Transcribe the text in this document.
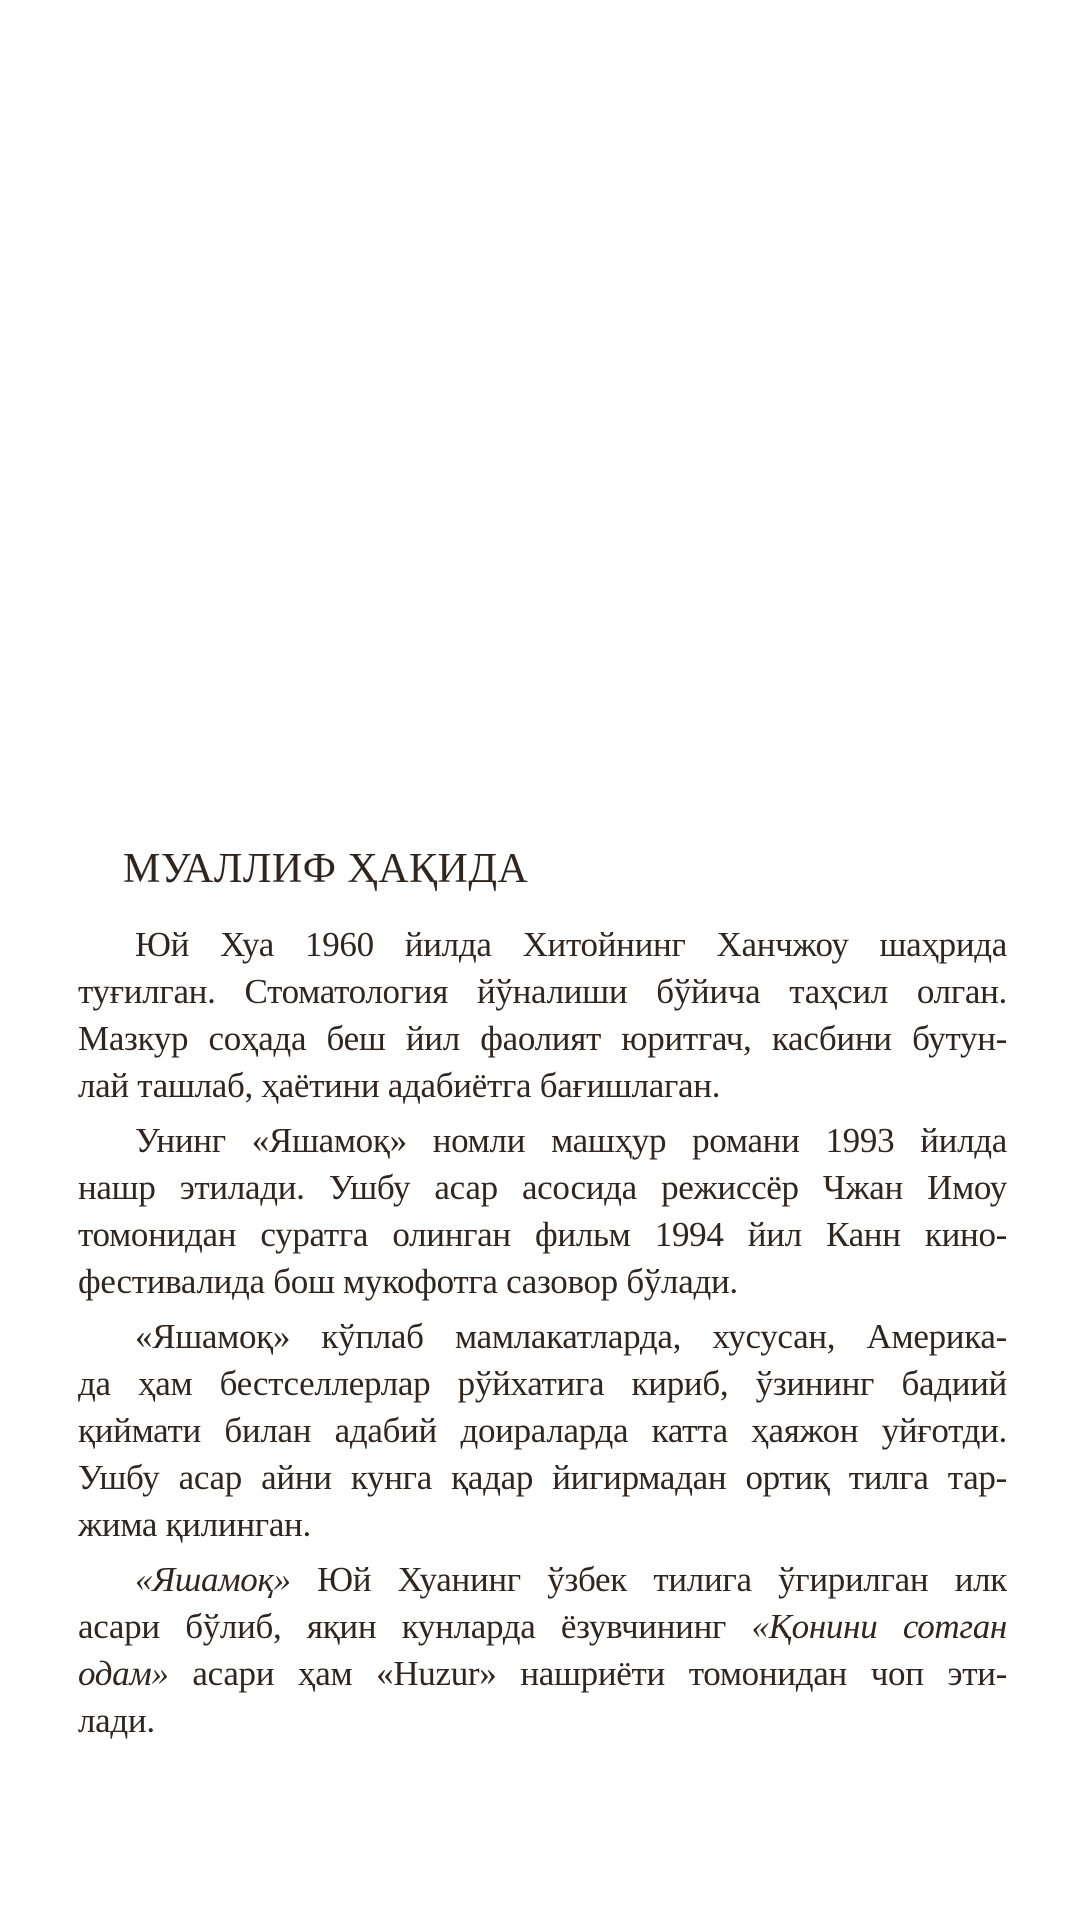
МУАЛЛИФ ҲАҚИДА
Юй Хуа 1960 йилда Хитойнинг Ханчжоу шаҳрида
туғилган. Стоматология йўналиши бўйича таҳсил олган.
Мазкур соҳада беш йил фаолият юритгач, касбини бутун-
лай ташлаб, ҳаётини адабиётга бағишлаган.
Унинг «Яшамоқ» номли машҳур романи 1993 йилда
нашр этилади. Ушбу асар асосида режиссёр Чжан Имоу
томонидан суратга олинган фильм 1994 йил Канн кино-
фестивалида бош мукофотга сазовор бўлади.
«Яшамоқ» кўплаб мамлакатларда, хусусан, Америка-
да ҳам бестселлерлар рўйхатига кириб, ўзининг бадиий
қиймати билан адабий доираларда катта ҳаяжон уйғотди.
Ушбу асар айни кунга қадар йигирмадан ортиқ тилга тар-
жима қилинган.
«Яшамоқ» Юй Хуанинг ўзбек тилига ўгирилган илк
асари бўлиб, яқин кунларда ёзувчининг «Қонини сотган
одам» асари ҳам «Huzur» нашриёти томонидан чоп эти-
лади.
